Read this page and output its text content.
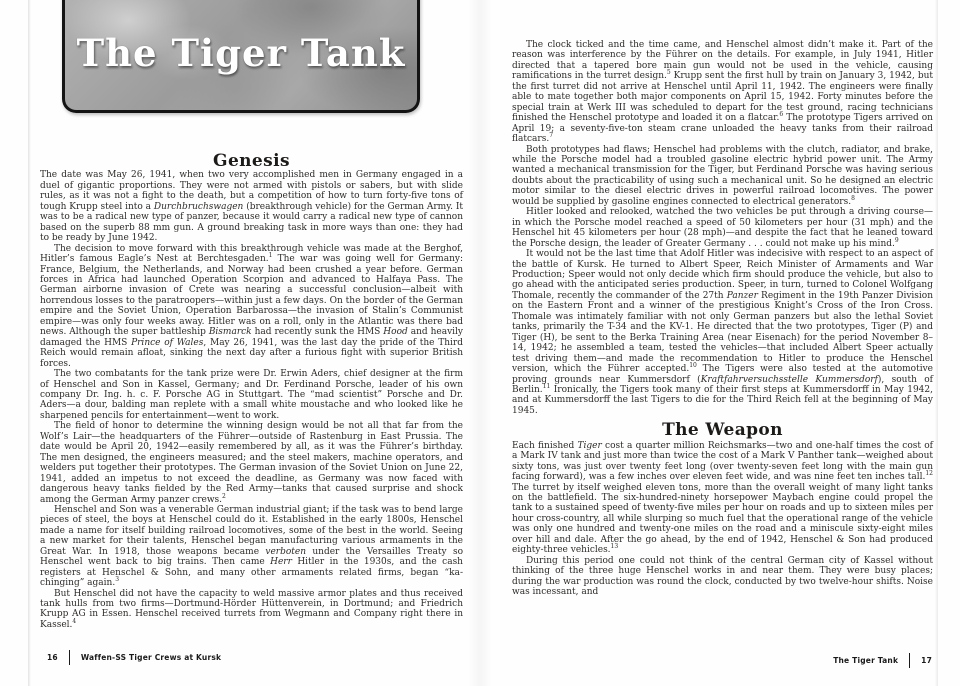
The Tiger Tank
Genesis

The date was May 26, 1941, when two very accomplished men in Germany engaged in a duel of gigantic proportions. They were not armed with pistols or sabers, but with slide rules, as it was not a fight to the death, but a competition of how to turn forty-five tons of tough Krupp steel into a Durchbruchswagen (breakthrough vehicle) for the German Army. It was to be a radical new type of panzer, because it would carry a radical new type of cannon based on the superb 88 mm gun. A ground breaking task in more ways than one: they had to be ready by June 1942.

The decision to move forward with this breakthrough vehicle was made at the Berghof, Hitler’s famous Eagle’s Nest at Berchtesgaden.$^1$ The war was going well for Germany: France, Belgium, the Netherlands, and Norway had been crushed a year before. German forces in Africa had launched Operation Scorpion and advanced to Halfaya Pass. The German airborne invasion of Crete was nearing a successful conclusion—albeit with horrendous losses to the paratroopers—within just a few days. On the border of the German empire and the Soviet Union, Operation Barbarossa—the invasion of Stalin’s Communist empire—was only four weeks away. Hitler was on a roll, only in the Atlantic was there bad news. Although the super battleship Bismarck had recently sunk the HMS Hood and heavily damaged the HMS Prince of Wales, May 26, 1941, was the last day the pride of the Third Reich would remain afloat, sinking the next day after a furious fight with superior British forces.

The two combatants for the tank prize were Dr. Erwin Aders, chief designer at the firm of Henschel and Son in Kassel, Germany; and Dr. Ferdinand Porsche, leader of his own company Dr. Ing. h. c. F. Porsche AG in Stuttgart. The “mad scientist” Porsche and Dr. Aders—a dour, balding man replete with a small white moustache and who looked like he sharpened pencils for entertainment—went to work.

The field of honor to determine the winning design would be not all that far from the Wolf’s Lair—the headquarters of the Führer—outside of Rastenburg in East Prussia. The date would be April 20, 1942—easily remembered by all, as it was the Führer’s birthday. The men designed, the engineers measured; and the steel makers, machine operators, and welders put together their prototypes. The German invasion of the Soviet Union on June 22, 1941, added an impetus to not exceed the deadline, as Germany was now faced with dangerous heavy tanks fielded by the Red Army—tanks that caused surprise and shock among the German Army panzer crews.$^2$

Henschel and Son was a venerable German industrial giant; if the task was to bend large pieces of steel, the boys at Henschel could do it. Established in the early 1800s, Henschel made a name for itself building railroad locomotives, some of the best in the world. Seeing a new market for their talents, Henschel began manufacturing various armaments in the Great War. In 1918, those weapons became verboten under the Versailles Treaty so Henschel went back to big trains. Then came Herr Hitler in the 1930s, and the cash registers at Henschel & Sohn, and many other armaments related firms, began “ka-chinging” again.$^3$

But Henschel did not have the capacity to weld massive armor plates and thus received tank hulls from two firms—Dortmund-Hörder Hüttenverein, in Dortmund; and Friedrich Krupp AG in Essen. Henschel received turrets from Wegmann and Company right there in Kassel.$^4$

16	Waffen-SS Tiger Crews at Kursk

The clock ticked and the time came, and Henschel almost didn’t make it. Part of the reason was interference by the Führer on the details. For example, in July 1941, Hitler directed that a tapered bore main gun would not be used in the vehicle, causing ramifications in the turret design.$^5$ Krupp sent the first hull by train on January 3, 1942, but the first turret did not arrive at Henschel until April 11, 1942. The engineers were finally able to mate together both major components on April 15, 1942. Forty minutes before the special train at Werk III was scheduled to depart for the test ground, racing technicians finished the Henschel prototype and loaded it on a flatcar.$^6$ The prototype Tigers arrived on April 19; a seventy-five-ton steam crane unloaded the heavy tanks from their railroad flatcars.$^7$

Both prototypes had flaws; Henschel had problems with the clutch, radiator, and brake, while the Porsche model had a troubled gasoline electric hybrid power unit. The Army wanted a mechanical transmission for the Tiger, but Ferdinand Porsche was having serious doubts about the practicability of using such a mechanical unit. So he designed an electric motor similar to the diesel electric drives in powerful railroad locomotives. The power would be supplied by gasoline engines connected to electrical generators.$^8$

Hitler looked and relooked, watched the two vehicles be put through a driving course—in which the Porsche model reached a speed of 50 kilometers per hour (31 mph) and the Henschel hit 45 kilometers per hour (28 mph)—and despite the fact that he leaned toward the Porsche design, the leader of Greater Germany . . . could not make up his mind.$^9$

It would not be the last time that Adolf Hitler was indecisive with respect to an aspect of the battle of Kursk. He turned to Albert Speer, Reich Minister of Armaments and War Production; Speer would not only decide which firm should produce the vehicle, but also to go ahead with the anticipated series production. Speer, in turn, turned to Colonel Wolfgang Thomale, recently the commander of the 27th Panzer Regiment in the 19th Panzer Division on the Eastern Front and a winner of the prestigious Knight’s Cross of the Iron Cross. Thomale was intimately familiar with not only German panzers but also the lethal Soviet tanks, primarily the T-34 and the KV-1. He directed that the two prototypes, Tiger (P) and Tiger (H), be sent to the Berka Training Area (near Eisenach) for the period November 8–14, 1942; he assembled a team, tested the vehicles—that included Albert Speer actually test driving them—and made the recommendation to Hitler to produce the Henschel version, which the Führer accepted.$^{10}$ The Tigers were also tested at the automotive proving grounds near Kummersdorf (Kraftfahrversuchsstelle Kummersdorf), south of Berlin.$^{11}$ Ironically, the Tigers took many of their first steps at Kummersdorff in May 1942, and at Kummersdorff the last Tigers to die for the Third Reich fell at the beginning of May 1945.

The Weapon

Each finished Tiger cost a quarter million Reichsmarks—two and one-half times the cost of a Mark IV tank and just more than twice the cost of a Mark V Panther tank—weighed about sixty tons, was just over twenty feet long (over twenty-seven feet long with the main gun facing forward), was a few inches over eleven feet wide, and was nine feet ten inches tall.$^{12}$ The turret by itself weighed eleven tons, more than the overall weight of many light tanks on the battlefield. The six-hundred-ninety horsepower Maybach engine could propel the tank to a sustained speed of twenty-five miles per hour on roads and up to sixteen miles per hour cross-country, all while slurping so much fuel that the operational range of the vehicle was only one hundred and twenty-one miles on the road and a miniscule sixty-eight miles over hill and dale. After the go ahead, by the end of 1942, Henschel & Son had produced eighty-three vehicles.$^{13}$

During this period one could not think of the central German city of Kassel without thinking of the three huge Henschel works in and near them. They were busy places; during the war production was round the clock, conducted by two twelve-hour shifts. Noise was incessant, and

The Tiger Tank	17
